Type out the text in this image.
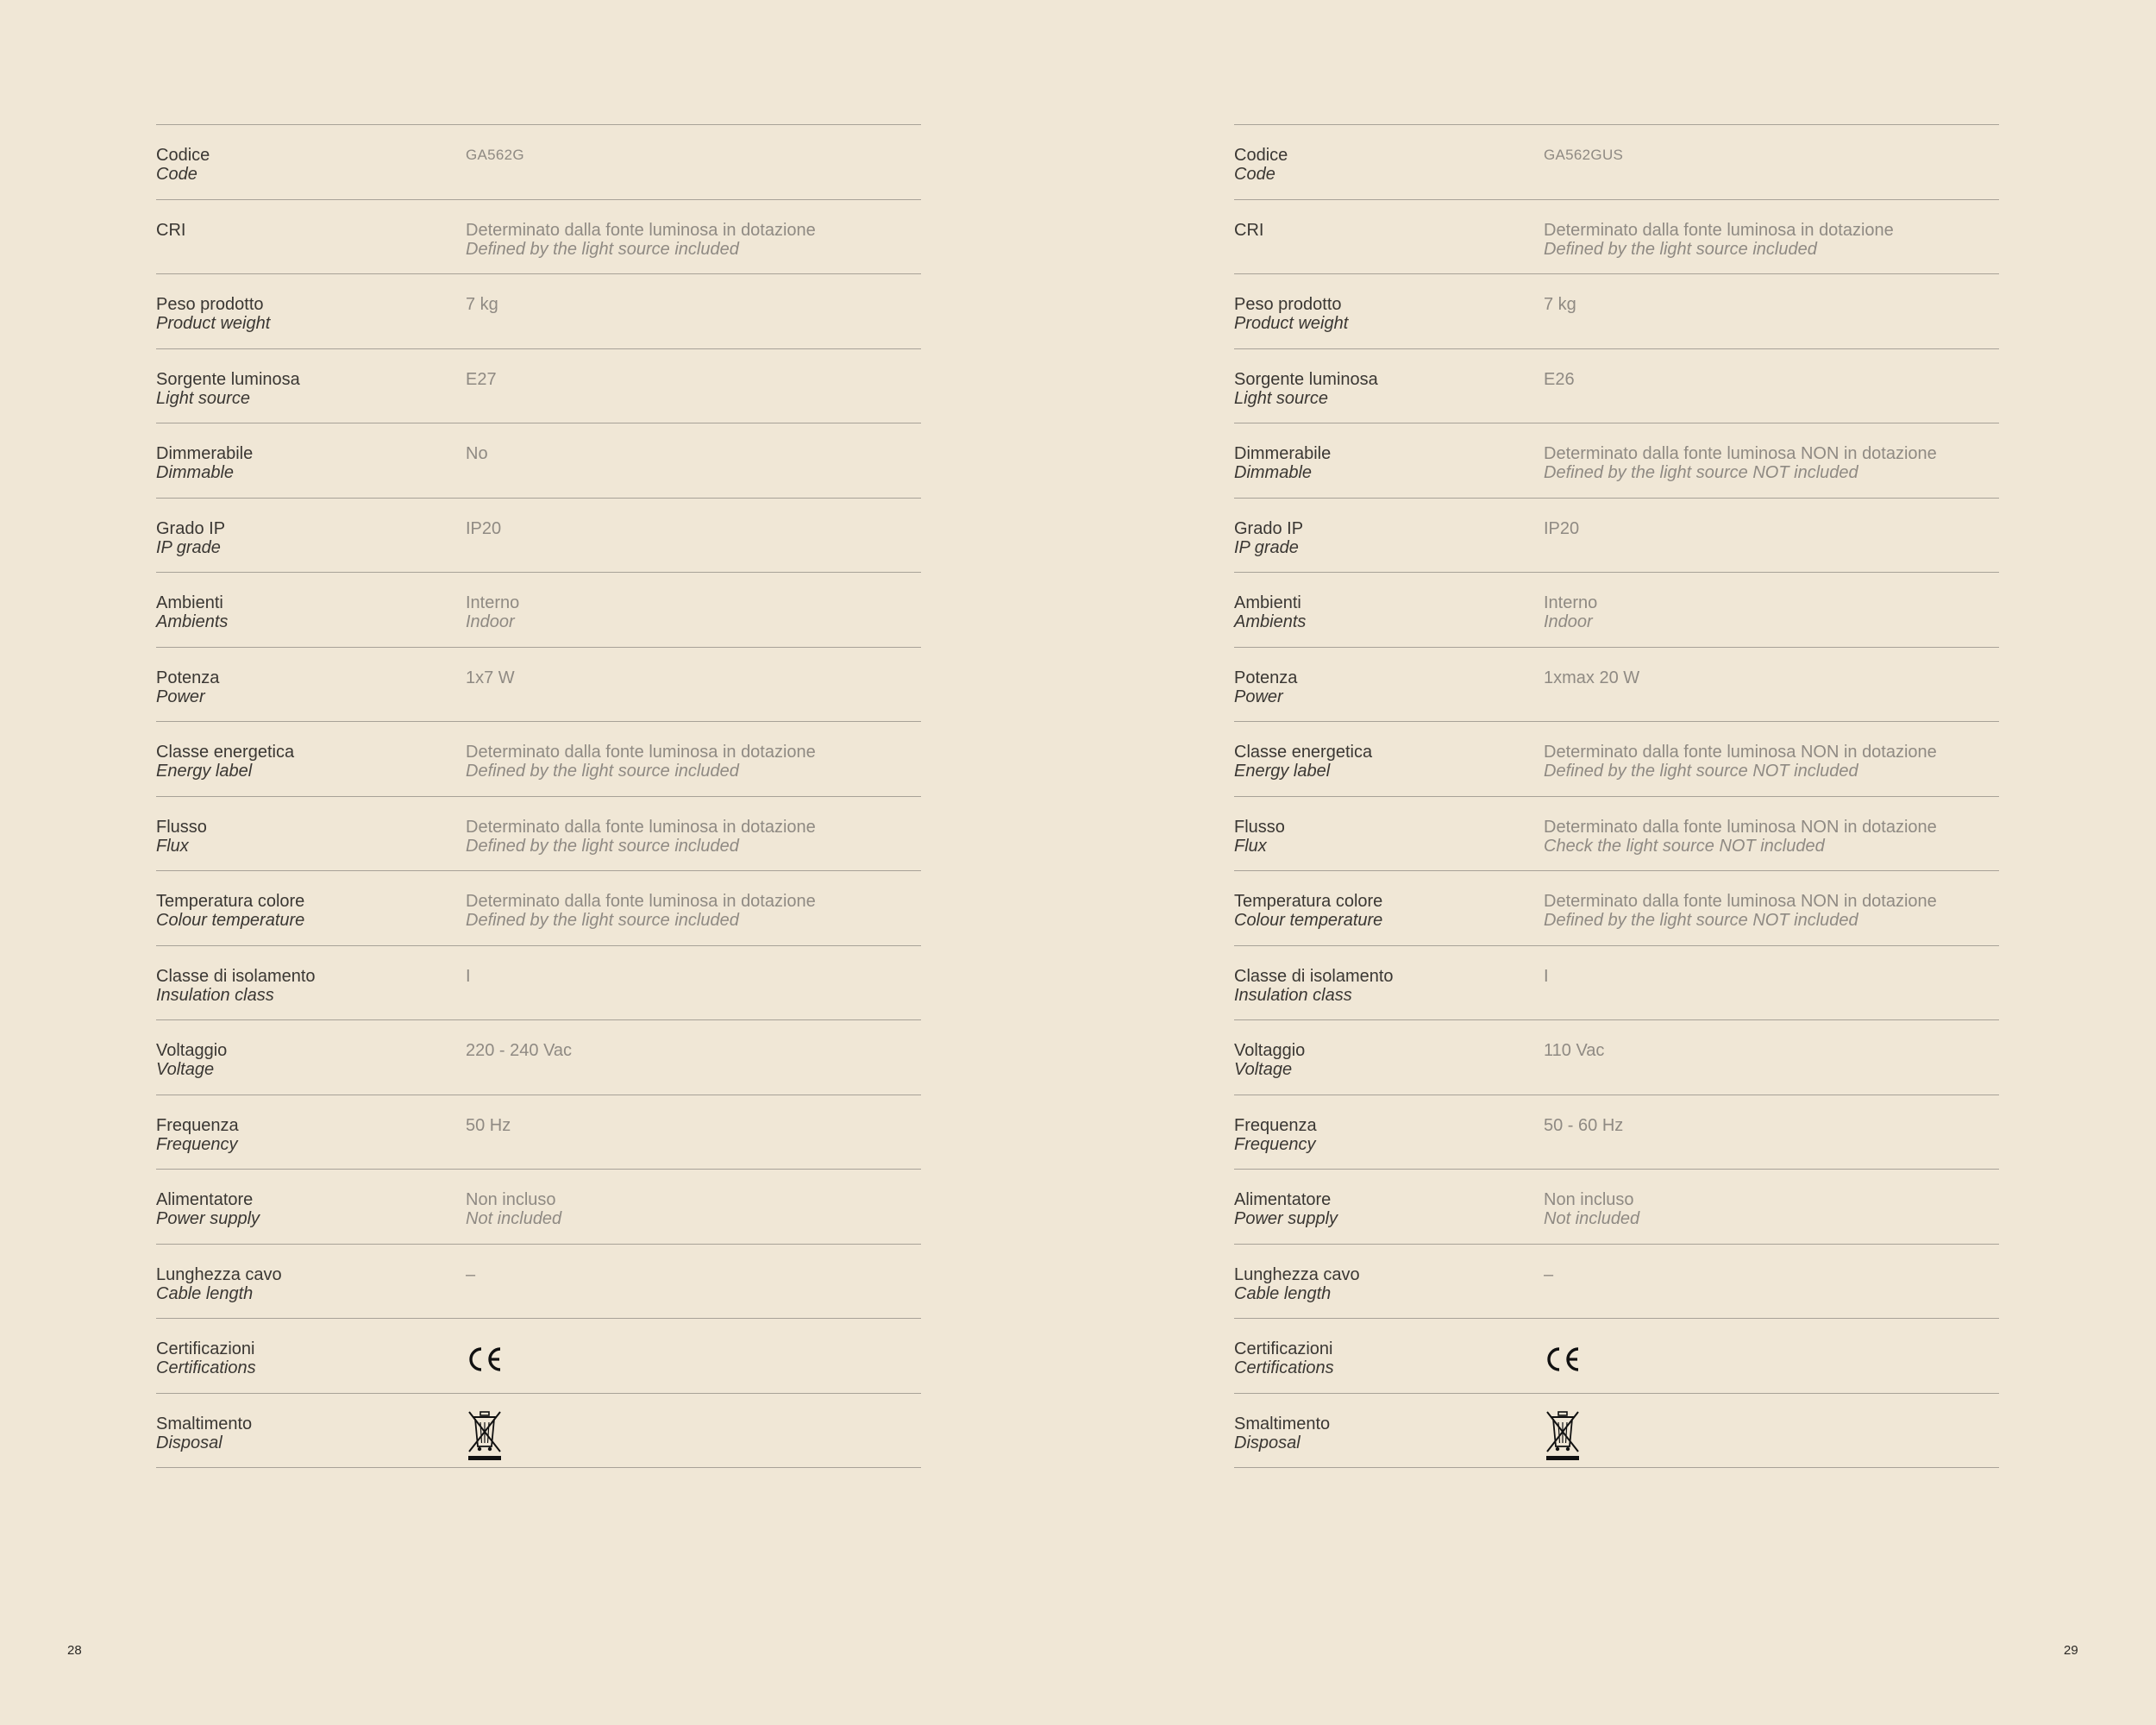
Codice
Code
GA562G
CRI	Determinato dalla fonte luminosa in dotazione
Defined by the light source included
Peso prodotto
Product weight
7 kg
Sorgente luminosa
Light source
E27
Dimmerabile
Dimmable
No
Grado IP
IP grade
IP20
Ambienti
Ambients
Interno
Indoor
Potenza
Power
1x7 W
Classe energetica
Energy label
Determinato dalla fonte luminosa in dotazione
Defined by the light source included
Flusso
Flux
Determinato dalla fonte luminosa in dotazione
Defined by the light source included
Temperatura colore
Colour temperature
Determinato dalla fonte luminosa in dotazione
Defined by the light source included
Classe di isolamento
Insulation class
I
Voltaggio
Voltage
220 - 240 Vac
Frequenza
Frequency
50 Hz
Alimentatore
Power supply
Non incluso
Not included
Lunghezza cavo
Cable length
–
Certificazioni
Certifications
Smaltimento
Disposal
28
Codice
Code
GA562GUS
CRI	Determinato dalla fonte luminosa in dotazione
Defined by the light source included
Peso prodotto
Product weight
7 kg
Sorgente luminosa
Light source
E26
Dimmerabile
Dimmable
Determinato dalla fonte luminosa NON in dotazione
Defined by the light source NOT included
Grado IP
IP grade
IP20
Ambienti
Ambients
Interno
Indoor
Potenza
Power
1xmax 20 W
Classe energetica
Energy label
Determinato dalla fonte luminosa NON in dotazione
Defined by the light source NOT included
Flusso
Flux
Determinato dalla fonte luminosa NON in dotazione
Check the light source NOT included
Temperatura colore
Colour temperature
Determinato dalla fonte luminosa NON in dotazione
Defined by the light source NOT included
Classe di isolamento
Insulation class
I
Voltaggio
Voltage
110 Vac
Frequenza
Frequency
50 - 60 Hz
Alimentatore
Power supply
Non incluso
Not included
Lunghezza cavo
Cable length
–
Certificazioni
Certifications
Smaltimento
Disposal
29
